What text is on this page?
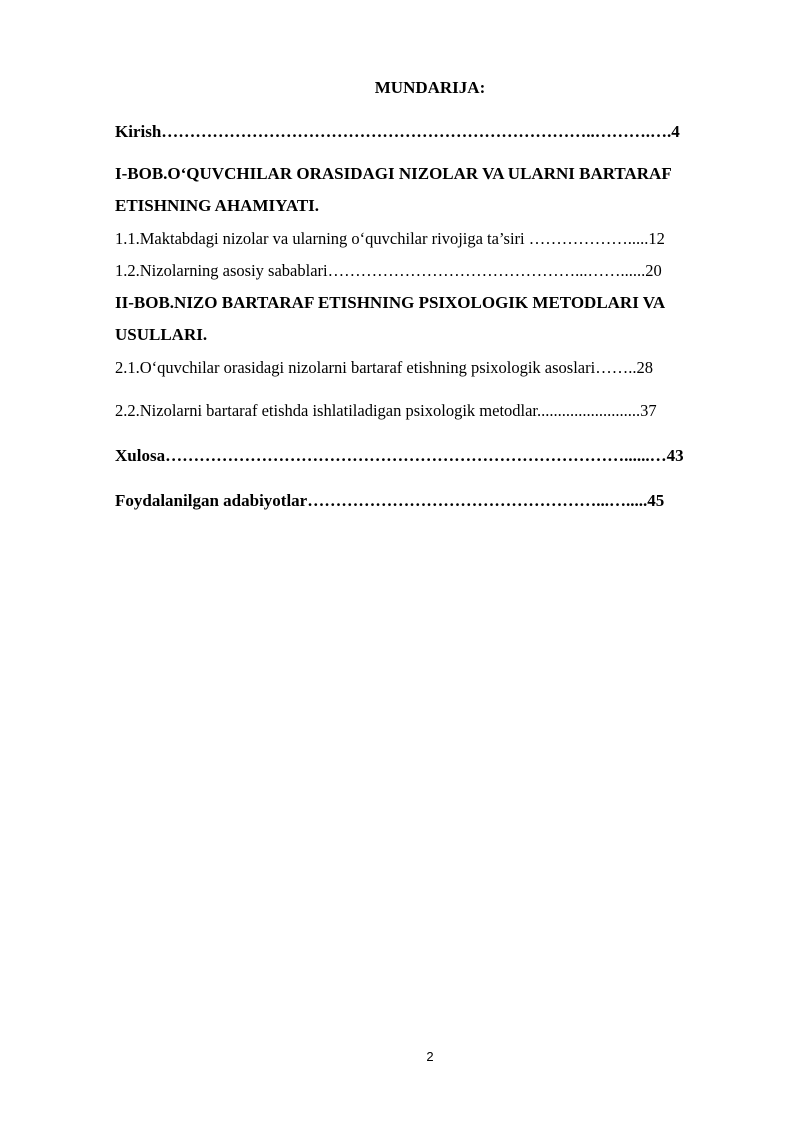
MUNDARIJA:
Kirish…………………………………………………………………..……….….4
I-BOB.O‘QUVCHILAR ORASIDAGI NIZOLAR VA ULARNI BARTARAF
ETISHNING AHAMIYATI.
1.1.Maktabdagi nizolar va ularning o‘quvchilar rivojiga ta’siri ……………….....12
1.2.Nizolarning asosiy sabablari………………………………………...……......20
II-BOB.NIZO BARTARAF ETISHNING PSIXOLOGIK METODLARI VA
USULLARI.
2.1.O‘quvchilar orasidagi nizolarni bartaraf etishning psixologik asoslari……..28
2.2.Nizolarni bartaraf etishda ishlatiladigan psixologik metodlar.........................37
Xulosa………………………………………………………………………......…43
Foydalanilgan adabiyotlar……………………………………………...….....45
2
